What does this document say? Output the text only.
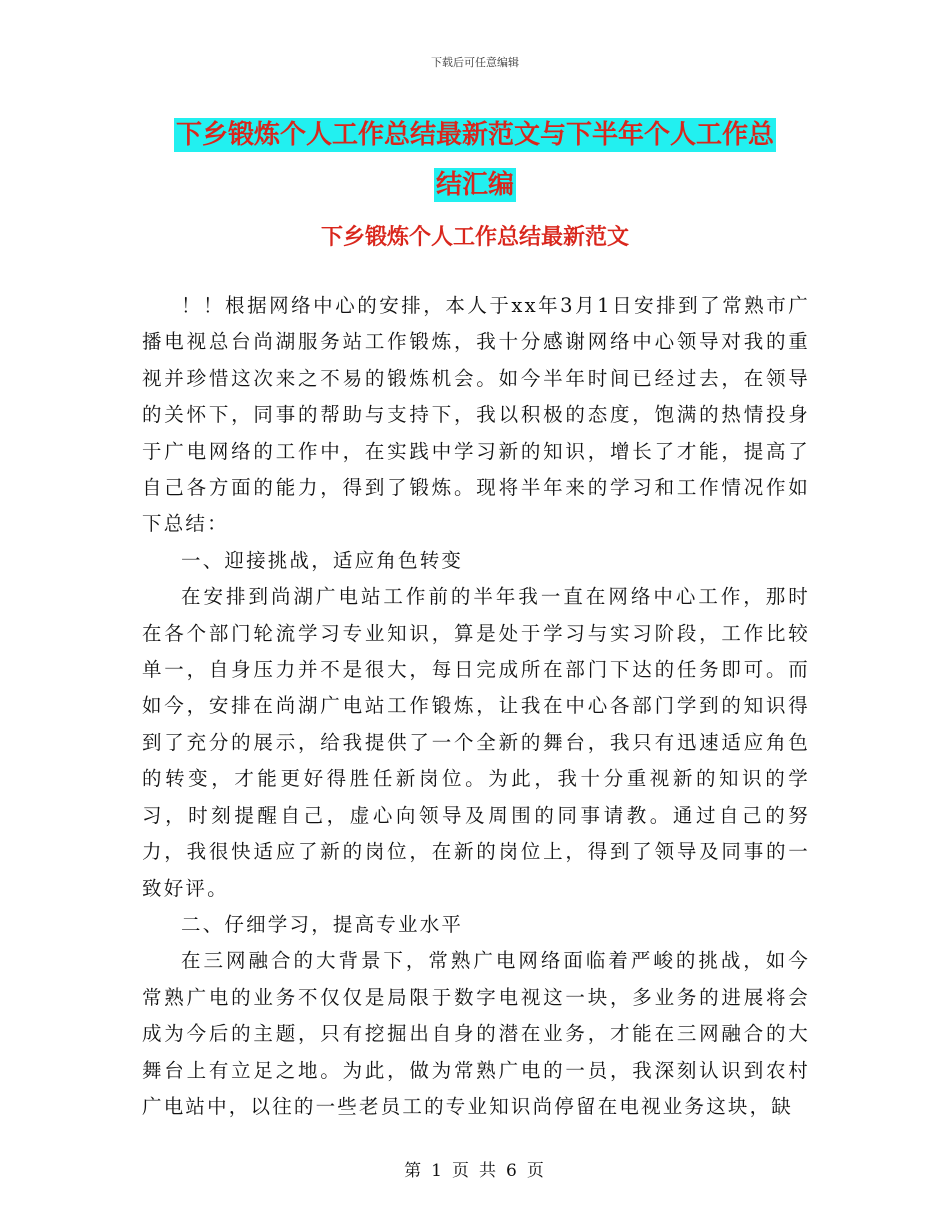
下载后可任意编辑
下乡锻炼个人工作总结最新范文与下半年个人工作总
结汇编
下乡锻炼个人工作总结最新范文

！！根据网络中心的安排，本人于xx年3月1日安排到了常熟市广播电视总台尚湖服务站工作锻炼，我十分感谢网络中心领导对我的重视并珍惜这次来之不易的锻炼机会。如今半年时间已经过去，在领导的关怀下，同事的帮助与支持下，我以积极的态度，饱满的热情投身于广电网络的工作中，在实践中学习新的知识，增长了才能，提高了自己各方面的能力，得到了锻炼。现将半年来的学习和工作情况作如下总结：

一、迎接挑战，适应角色转变

在安排到尚湖广电站工作前的半年我一直在网络中心工作，那时在各个部门轮流学习专业知识，算是处于学习与实习阶段，工作比较单一，自身压力并不是很大，每日完成所在部门下达的任务即可。而如今，安排在尚湖广电站工作锻炼，让我在中心各部门学到的知识得到了充分的展示，给我提供了一个全新的舞台，我只有迅速适应角色的转变，才能更好得胜任新岗位。为此，我十分重视新的知识的学习，时刻提醒自己，虚心向领导及周围的同事请教。通过自己的努力，我很快适应了新的岗位，在新的岗位上，得到了领导及同事的一致好评。

二、仔细学习，提高专业水平

在三网融合的大背景下，常熟广电网络面临着严峻的挑战，如今常熟广电的业务不仅仅是局限于数字电视这一块，多业务的进展将会成为今后的主题，只有挖掘出自身的潜在业务，才能在三网融合的大舞台上有立足之地。为此，做为常熟广电的一员，我深刻认识到农村广电站中，以往的一些老员工的专业知识尚停留在电视业务这块，缺

第 1 页 共 6 页
